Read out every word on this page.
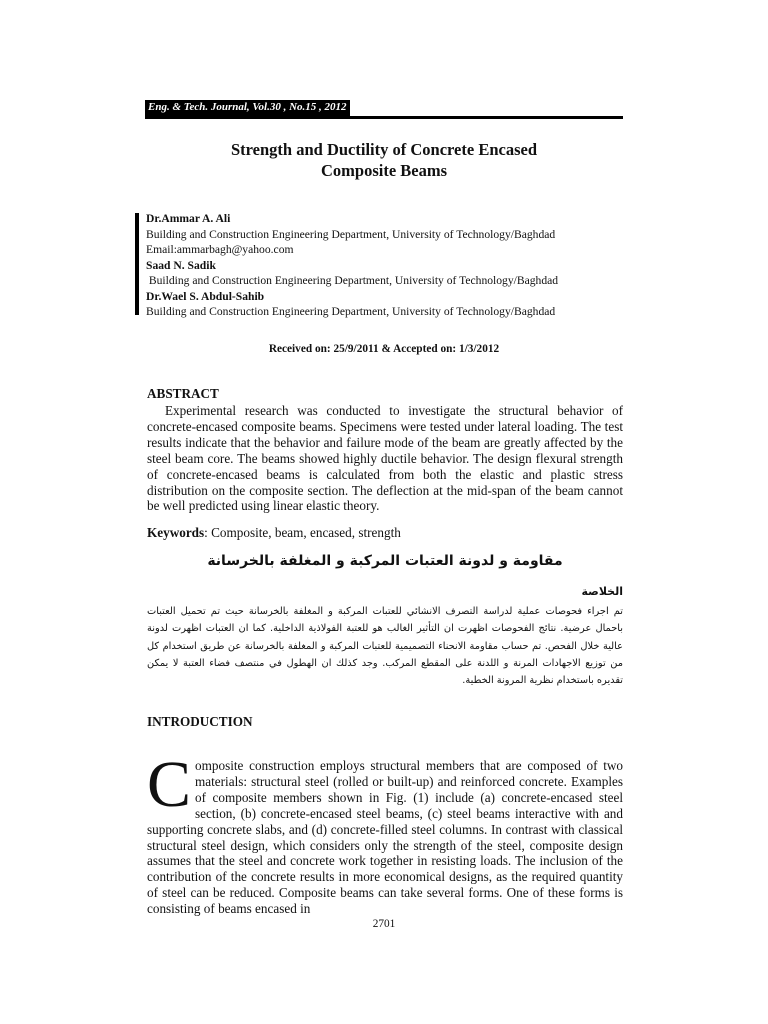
Eng. & Tech. Journal, Vol.30 , No.15 , 2012
Strength and Ductility of Concrete Encased
Composite Beams
Dr.Ammar A. Ali
Building and Construction Engineering Department, University of Technology/Baghdad
Email:ammarbagh@yahoo.com
Saad N. Sadik
Building and Construction Engineering Department, University of Technology/Baghdad
Dr.Wael S. Abdul-Sahib
Building and Construction Engineering Department, University of Technology/Baghdad
Received on: 25/9/2011 & Accepted on: 1/3/2012
ABSTRACT

Experimental research was conducted to investigate the structural behavior of concrete-encased composite beams. Specimens were tested under lateral loading. The test results indicate that the behavior and failure mode of the beam are greatly affected by the steel beam core. The beams showed highly ductile behavior. The design flexural strength of concrete-encased beams is calculated from both the elastic and plastic stress distribution on the composite section. The deflection at the mid-span of the beam cannot be well predicted using linear elastic theory.

Keywords: Composite, beam, encased, strength
مقاومة و لدونة العتبات المركبة و المغلفة بالخرسانة
الخلاصة
تم اجراء فحوصات عملية لدراسة التصرف الانشائي للعتبات المركبة و المغلفة بالخرسانة حيث تم تحميل العتبات باحمال عرضية. نتائج الفحوصات اظهرت ان التأثير الغالب هو للعتبة الفولاذية الداخلية. كما ان العتبات اظهرت لدونة عالية خلال الفحص. تم حساب مقاومة الانحناء التصميمية للعتبات المركبة و المغلفة بالخرسانة عن طريق استخدام كل من توزيع الاجهادات المرنة و اللدنة على المقطع المركب. وجد كذلك ان الهطول في منتصف فضاء العتبة لا يمكن تقديره باستخدام نظرية المرونة الخطية.
INTRODUCTION
Composite construction employs structural members that are composed of two materials: structural steel (rolled or built-up) and reinforced concrete. Examples of composite members shown in Fig. (1) include (a) concrete-encased steel section, (b) concrete-encased steel beams, (c) steel beams interactive with and supporting concrete slabs, and (d) concrete-filled steel columns. In contrast with classical structural steel design, which considers only the strength of the steel, composite design assumes that the steel and concrete work together in resisting loads. The inclusion of the contribution of the concrete results in more economical designs, as the required quantity of steel can be reduced. Composite beams can take several forms. One of these forms is consisting of beams encased in
2701
